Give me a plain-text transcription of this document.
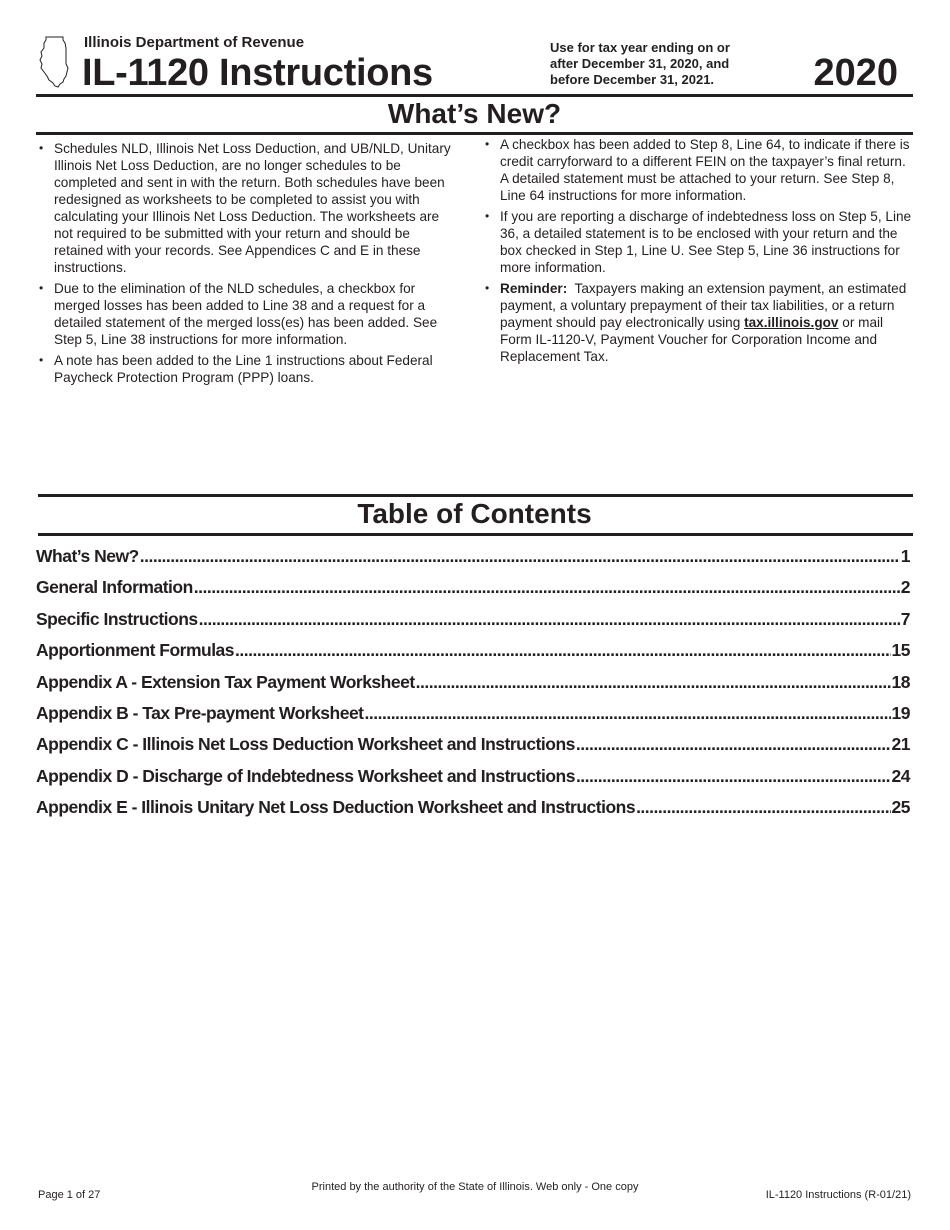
Illinois Department of Revenue
IL-1120 Instructions
Use for tax year ending on or
after December 31, 2020, and
before December 31, 2021.	2020
What’s New?
• Schedules NLD, Illinois Net Loss Deduction, and UB/NLD, Unitary Illinois Net Loss Deduction, are no longer schedules to be completed and sent in with the return. Both schedules have been redesigned as worksheets to be completed to assist you with calculating your Illinois Net Loss Deduction. The worksheets are not required to be submitted with your return and should be retained with your records. See Appendices C and E in these instructions.
• Due to the elimination of the NLD schedules, a checkbox for merged losses has been added to Line 38 and a request for a detailed statement of the merged loss(es) has been added. See Step 5, Line 38 instructions for more information.
• A note has been added to the Line 1 instructions about Federal Paycheck Protection Program (PPP) loans.
• A checkbox has been added to Step 8, Line 64, to indicate if there is credit carryforward to a different FEIN on the taxpayer’s final return. A detailed statement must be attached to your return. See Step 8, Line 64 instructions for more information.
• If you are reporting a discharge of indebtedness loss on Step 5, Line 36, a detailed statement is to be enclosed with your return and the box checked in Step 1, Line U. See Step 5, Line 36 instructions for more information.
• Reminder: Taxpayers making an extension payment, an estimated payment, a voluntary prepayment of their tax liabilities, or a return payment should pay electronically using tax.illinois.gov or mail Form IL-1120-V, Payment Voucher for Corporation Income and Replacement Tax.
Table of Contents
What’s New? .....	1
General Information .....	2
Specific Instructions .....	7
Apportionment Formulas .....	15
Appendix A - Extension Tax Payment Worksheet .....	18
Appendix B - Tax Pre-payment Worksheet .....	19
Appendix C - Illinois Net Loss Deduction Worksheet and Instructions .....	21
Appendix D - Discharge of Indebtedness Worksheet and Instructions .....	24
Appendix E - Illinois Unitary Net Loss Deduction Worksheet and Instructions .....	25
Page 1 of 27
Printed by the authority of the State of Illinois. Web only - One copy
IL-1120 Instructions (R-01/21)
